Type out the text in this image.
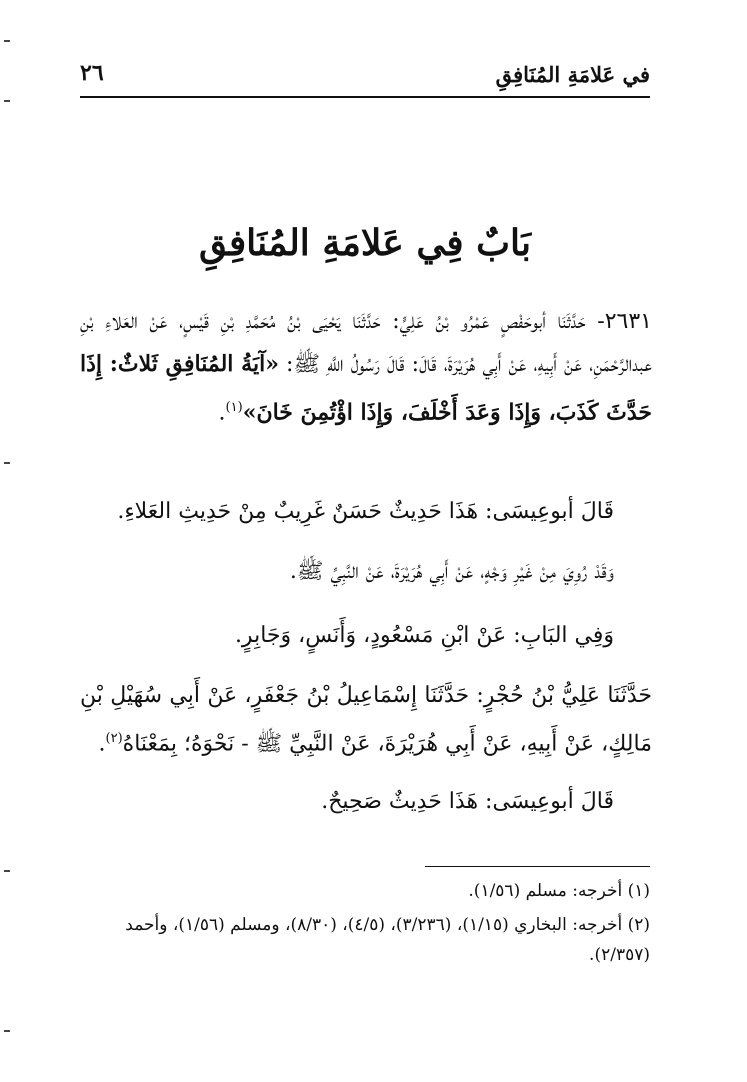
في عَلامَةِ المُنَافِقِ
٢٦
بَابٌ فِي عَلامَةِ المُنَافِقِ
٢٦٣١- حَدَّثَنَا أبوحَفْصٍ عَمْرُو بْنُ عَلِيٍّ: حَدَّثَنَا يَحْيَى بْنُ مُحَمَّدِ بْنِ قَيْسٍ، عَنْ العَلاءِ بْنِ عبدالرَّحْمَنِ، عَنْ أَبِيهِ، عَنْ أَبِي هُرَيْرَةَ، قَالَ: قَالَ رَسُولُ اللَّهِ ﷺ: «آيَةُ المُنَافِقِ ثَلاثٌ: إِذَا حَدَّثَ كَذَبَ، وَإِذَا وَعَدَ أَخْلَفَ، وَإِذَا اؤْتُمِنَ خَانَ»$^{(١)}$.
قَالَ أبوعِيسَى: هَذَا حَدِيثٌ حَسَنٌ غَرِيبٌ مِنْ حَدِيثِ العَلاءِ.
وَقَدْ رُوِيَ مِنْ غَيْرِ وَجْهٍ، عَنْ أَبِي هُرَيْرَةَ، عَنْ النَّبِيِّ ﷺ.
وَفِي البَابِ: عَنْ ابْنِ مَسْعُودٍ، وَأَنَسٍ، وَجَابِرٍ.
حَدَّثَنَا عَلِيُّ بْنُ حُجْرٍ: حَدَّثَنَا إِسْمَاعِيلُ بْنُ جَعْفَرٍ، عَنْ أَبِي سُهَيْلِ بْنِ مَالِكٍ، عَنْ أَبِيهِ، عَنْ أَبِي هُرَيْرَةَ، عَنْ النَّبِيِّ ﷺ - نَحْوَهُ؛ بِمَعْنَاهُ$^{(٢)}$.
قَالَ أبوعِيسَى: هَذَا حَدِيثٌ صَحِيحٌ.
(١) أخرجه: مسلم (١/٥٦).
(٢) أخرجه: البخاري (١/١٥)، (٣/٢٣٦)، (٤/٥)، (٨/٣٠)، ومسلم (١/٥٦)، وأحمد (٢/٣٥٧).
